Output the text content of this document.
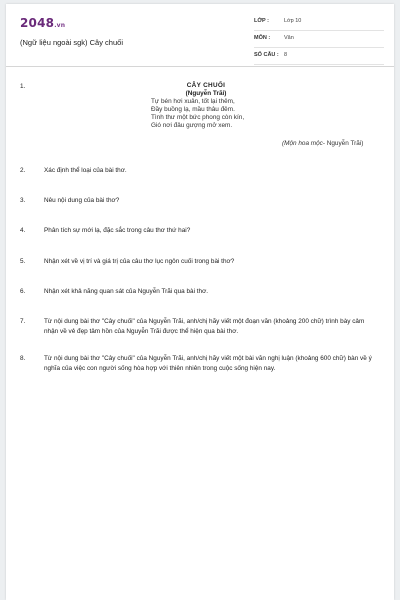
2048.vn
(Ngữ liệu ngoài sgk) Cây chuối
LỚP :	Lớp 10
MÔN :	Văn
SỐ CÂU : 8
1.	CÂY CHUỐI
(Nguyễn Trãi)
Tự bén hơi xuân, tốt lại thêm,
Đầy buồng lạ, mầu thâu đêm.
Tình thư một bức phong còn kín,
Gió nơi đâu gượng mở xem.
(Mộn hoa mộc- Nguyễn Trãi)
2.	Xác định thể loại của bài thơ.
3.	Nêu nội dung của bài thơ?
4.	Phân tích sự mới lạ, đặc sắc trong câu thơ thứ hai?
5.	Nhận xét về vị trí và giá trị của câu thơ lục ngôn cuối trong bài thơ?
6.	Nhận xét khả năng quan sát của Nguyễn Trãi qua bài thơ.
7.	Từ nội dung bài thơ "Cây chuối" của Nguyễn Trãi, anh/chị hãy viết một đoạn văn (khoảng 200 chữ) trình bày cảm nhận về vẻ đẹp tâm hồn của Nguyễn Trãi được thể hiện qua bài thơ.
8.	Từ nội dung bài thơ "Cây chuối" của Nguyễn Trãi, anh/chị hãy viết một bài văn nghị luận (khoảng 600 chữ) bàn về ý nghĩa của việc con người sống hòa hợp với thiên nhiên trong cuộc sống hiện nay.
